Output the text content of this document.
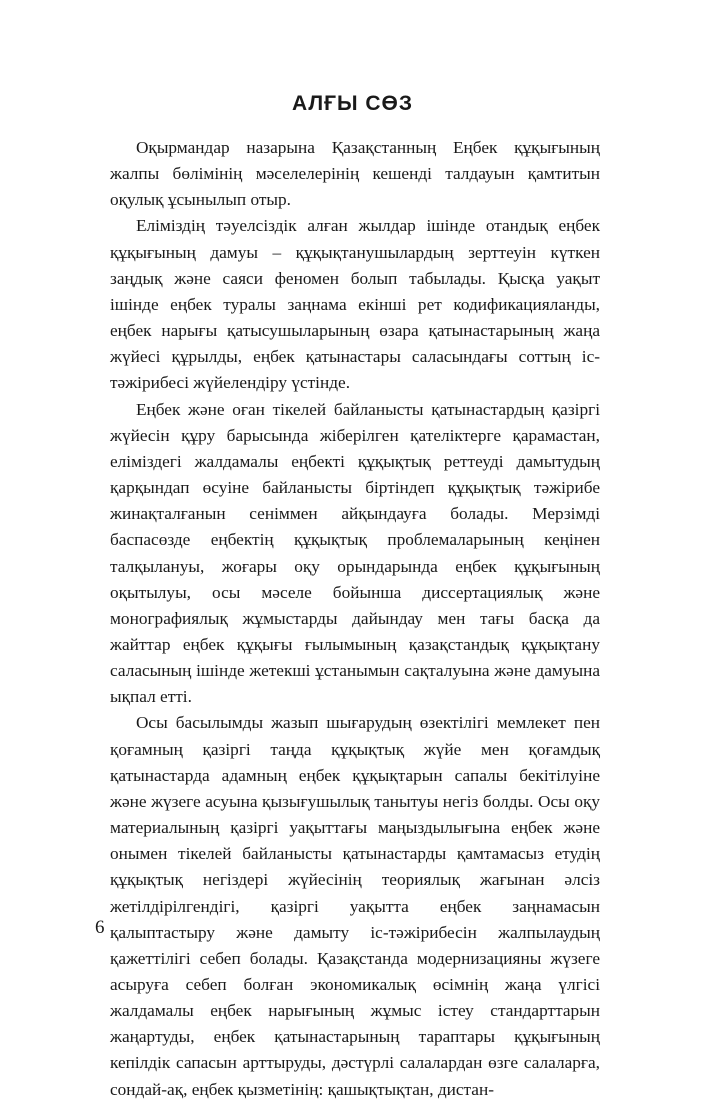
АЛҒЫ СӨЗ

Оқырмандар назарына Қазақстанның Еңбек құқығының жалпы бөлімінің мәселелерінің кешенді талдауын қамтитын оқулық ұсынылып отыр.

Еліміздің тәуелсіздік алған жылдар ішінде отандық еңбек құқығының дамуы – құқықтанушылардың зерттеуін күткен заңдық және саяси феномен болып табылады. Қысқа уақыт ішінде еңбек туралы заңнама екінші рет кодификацияланды, еңбек нарығы қатысушыларының өзара қатынастарының жаңа жүйесі құрылды, еңбек қатынастары саласындағы соттың іс-тәжірибесі жүйелендіру үстінде.

Еңбек және оған тікелей байланысты қатынастардың қазіргі жүйесін құру барысында жіберілген қателіктерге қарамастан, еліміздегі жалдамалы еңбекті құқықтық реттеуді дамытудың қарқындап өсуіне байланысты біртіндеп құқықтық тәжірибе жинақталғанын сеніммен айқындауға болады. Мерзімді баспасөзде еңбектің құқықтық проблемаларының кеңінен талқылануы, жоғары оқу орындарында еңбек құқығының оқытылуы, осы мәселе бойынша диссертациялық және монографиялық жұмыстарды дайындау мен тағы басқа да жайттар еңбек құқығы ғылымының қазақстандық құқықтану саласының ішінде жетекші ұстанымын сақталуына және дамуына ықпал етті.

Осы басылымды жазып шығарудың өзектілігі мемлекет пен қоғамның қазіргі таңда құқықтық жүйе мен қоғамдық қатынастарда адамның еңбек құқықтарын сапалы бекітілуіне және жүзеге асуына қызығушылық танытуы негіз болды. Осы оқу материалының қазіргі уақыттағы маңыздылығына еңбек және онымен тікелей байланысты қатынастарды қамтамасыз етудің құқықтық негіздері жүйесінің теориялық жағынан әлсіз жетілдірілгендігі, қазіргі уақытта еңбек заңнамасын қалыптастыру және дамыту іс-тәжірибесін жалпылаудың қажеттілігі себеп болады. Қазақстанда модернизацияны жүзеге асыруға себеп болған экономикалық өсімнің жаңа үлгісі жалдамалы еңбек нарығының жұмыс істеу стандарттарын жаңартуды, еңбек қатынастарының тараптары құқығының кепілдік сапасын арттыруды, дәстүрлі салалардан өзге салаларға, сондай-ақ, еңбек қызметінің: қашықтықтан, дистан-

6
